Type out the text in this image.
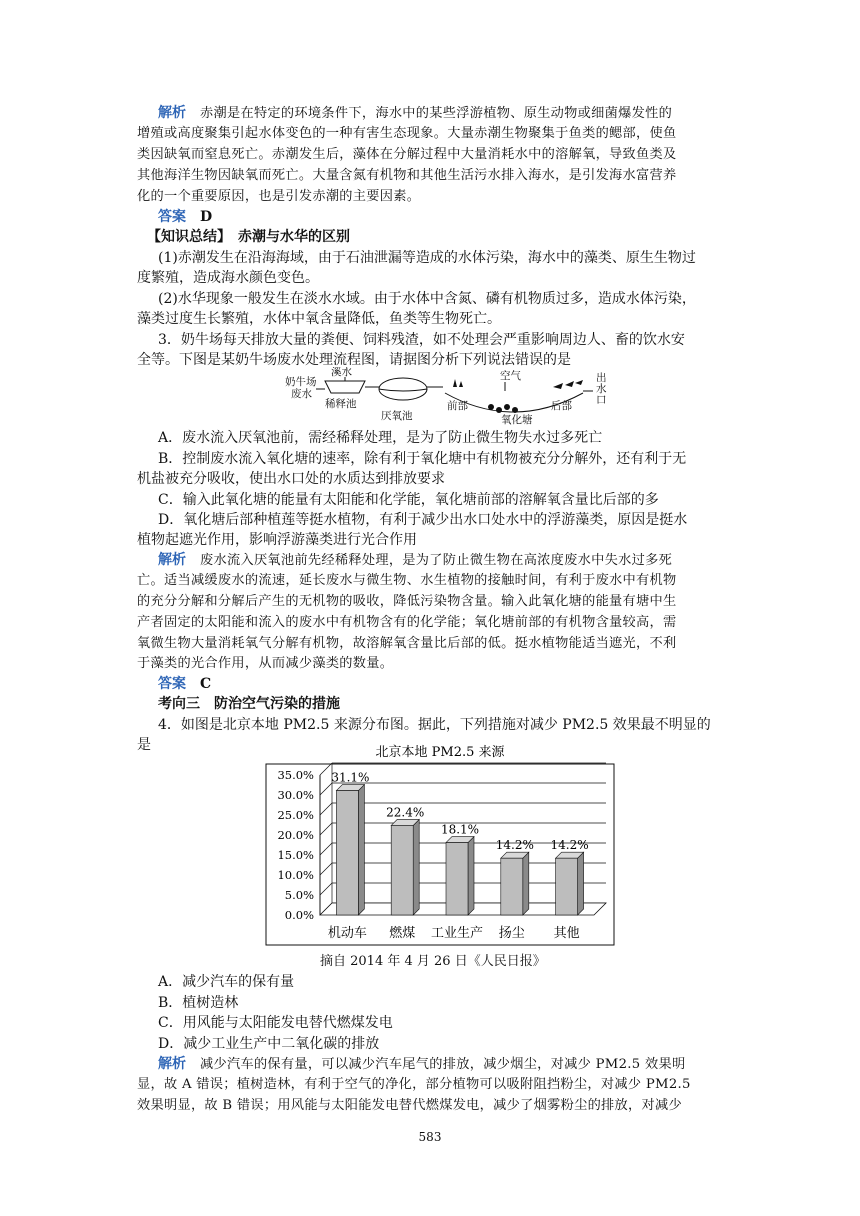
解析　 赤潮是在特定的环境条件下，海水中的某些浮游植物、原生动物或细菌爆发性的
增殖或高度聚集引起水体变色的一种有害生态现象。大量赤潮生物聚集于鱼类的鳃部，使鱼
类因缺氧而窒息死亡。赤潮发生后，藻体在分解过程中大量消耗水中的溶解氧，导致鱼类及
其他海洋生物因缺氧而死亡。大量含氮有机物和其他生活污水排入海水，是引发海水富营养
化的一个重要原因，也是引发赤潮的主要因素。
答案　 D
【知识总结】　 赤潮与水华的区别
(1)赤潮发生在沿海海域，由于石油泄漏等造成的水体污染，海水中的藻类、原生生物过
度繁殖，造成海水颜色变色。
(2)水华现象一般发生在淡水水域。由于水体中含氮、磷有机物质过多，造成水体污染，
藻类过度生长繁殖，水体中氧含量降低，鱼类等生物死亡。
3．奶牛场每天排放大量的粪便、饲料残渣，如不处理会严重影响周边人、畜的饮水安
全等。下图是某奶牛场废水处理流程图，请据图分析下列说法错误的是
奶牛场
废水
溪水
稀释池
厌氧池
前部
空气
氧化塘
后部
出
水
口
A．废水流入厌氧池前，需经稀释处理，是为了防止微生物失水过多死亡
B．控制废水流入氧化塘的速率，除有利于氧化塘中有机物被充分分解外，还有利于无
机盐被充分吸收，使出水口处的水质达到排放要求
C．输入此氧化塘的能量有太阳能和化学能，氧化塘前部的溶解氧含量比后部的多
D．氧化塘后部种植莲等挺水植物，有利于减少出水口处水中的浮游藻类，原因是挺水
植物起遮光作用，影响浮游藻类进行光合作用
解析　 废水流入厌氧池前先经稀释处理，是为了防止微生物在高浓度废水中失水过多死
亡。适当减缓废水的流速，延长废水与微生物、水生植物的接触时间，有利于废水中有机物
的充分分解和分解后产生的无机物的吸收，降低污染物含量。输入此氧化塘的能量有塘中生
产者固定的太阳能和流入的废水中有机物含有的化学能；氧化塘前部的有机物含量较高，需
氧微生物大量消耗氧气分解有机物，故溶解氧含量比后部的低。挺水植物能适当遮光，不利
于藻类的光合作用，从而减少藻类的数量。
答案　 C
考向三　防治空气污染的措施
4．如图是北京本地 PM2.5 来源分布图。据此，下列措施对减少 PM2.5 效果最不明显的
是	北京本地 PM2.5 来源
0.0%
5.0%
10.0%
15.0%
20.0%
25.0%
30.0%
35.0% 31.1%
机动车
22.4%
燃煤
18.1%
工业生产
14.2%
扬尘
14.2%
其他
摘自 2014 年 4 月 26 日《人民日报》
A．减少汽车的保有量
B．植树造林
C．用风能与太阳能发电替代燃煤发电
D．减少工业生产中二氧化碳的排放
解析　 减少汽车的保有量，可以减少汽车尾气的排放，减少烟尘，对减少 PM2.5 效果明
显，故 A 错误；植树造林，有利于空气的净化，部分植物可以吸附阻挡粉尘，对减少 PM2.5
效果明显，故 B 错误；用风能与太阳能发电替代燃煤发电，减少了烟雾粉尘的排放，对减少
583
